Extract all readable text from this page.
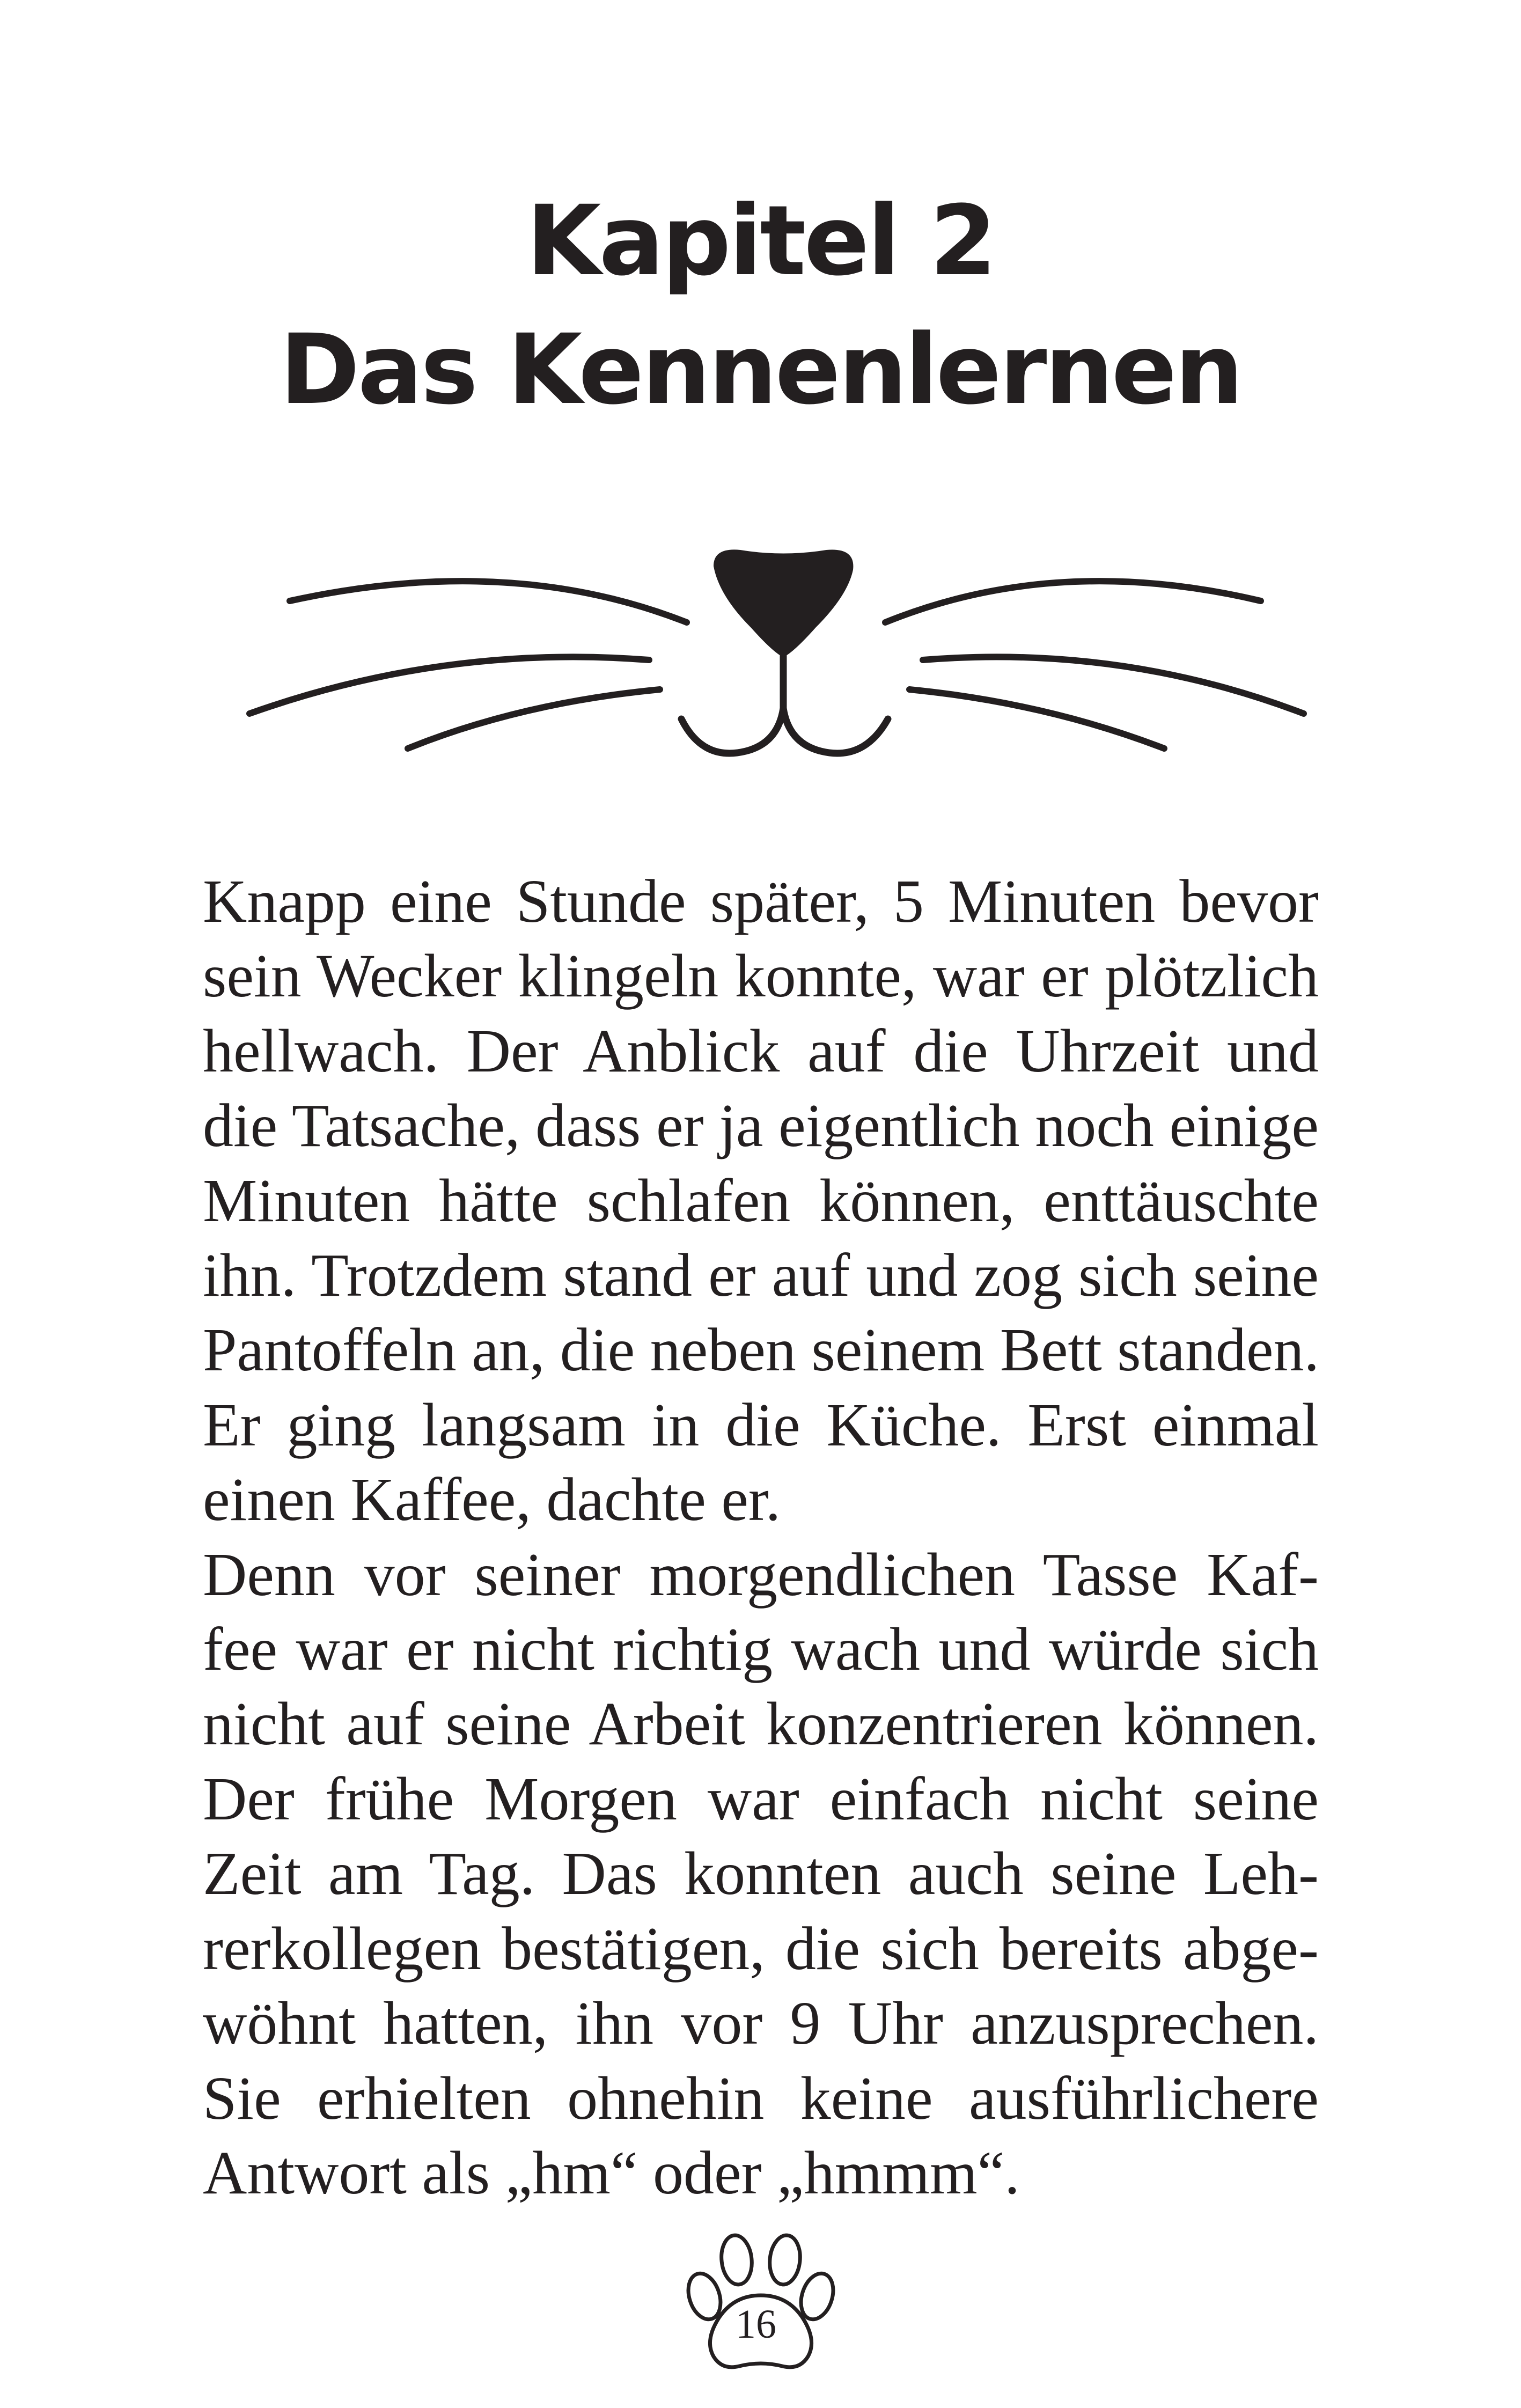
Kapitel 2
Das Kennenlernen
Knapp eine Stunde später, 5 Minuten bevor
sein Wecker klingeln konnte, war er plötzlich
hellwach. Der Anblick auf die Uhrzeit und
die Tatsache, dass er ja eigentlich noch einige
Minuten hätte schlafen können, enttäuschte
ihn. Trotzdem stand er auf und zog sich seine
Pantoffeln an, die neben seinem Bett standen.
Er ging langsam in die Küche. Erst einmal
einen Kaffee, dachte er.
Denn vor seiner morgendlichen Tasse Kaf-
fee war er nicht richtig wach und würde sich
nicht auf seine Arbeit konzentrieren können.
Der frühe Morgen war einfach nicht seine
Zeit am Tag. Das konnten auch seine Leh-
rerkollegen bestätigen, die sich bereits abge-
wöhnt hatten, ihn vor 9 Uhr anzusprechen.
Sie erhielten ohnehin keine ausführlichere
Antwort als „hm“ oder „hmmm“.
16
